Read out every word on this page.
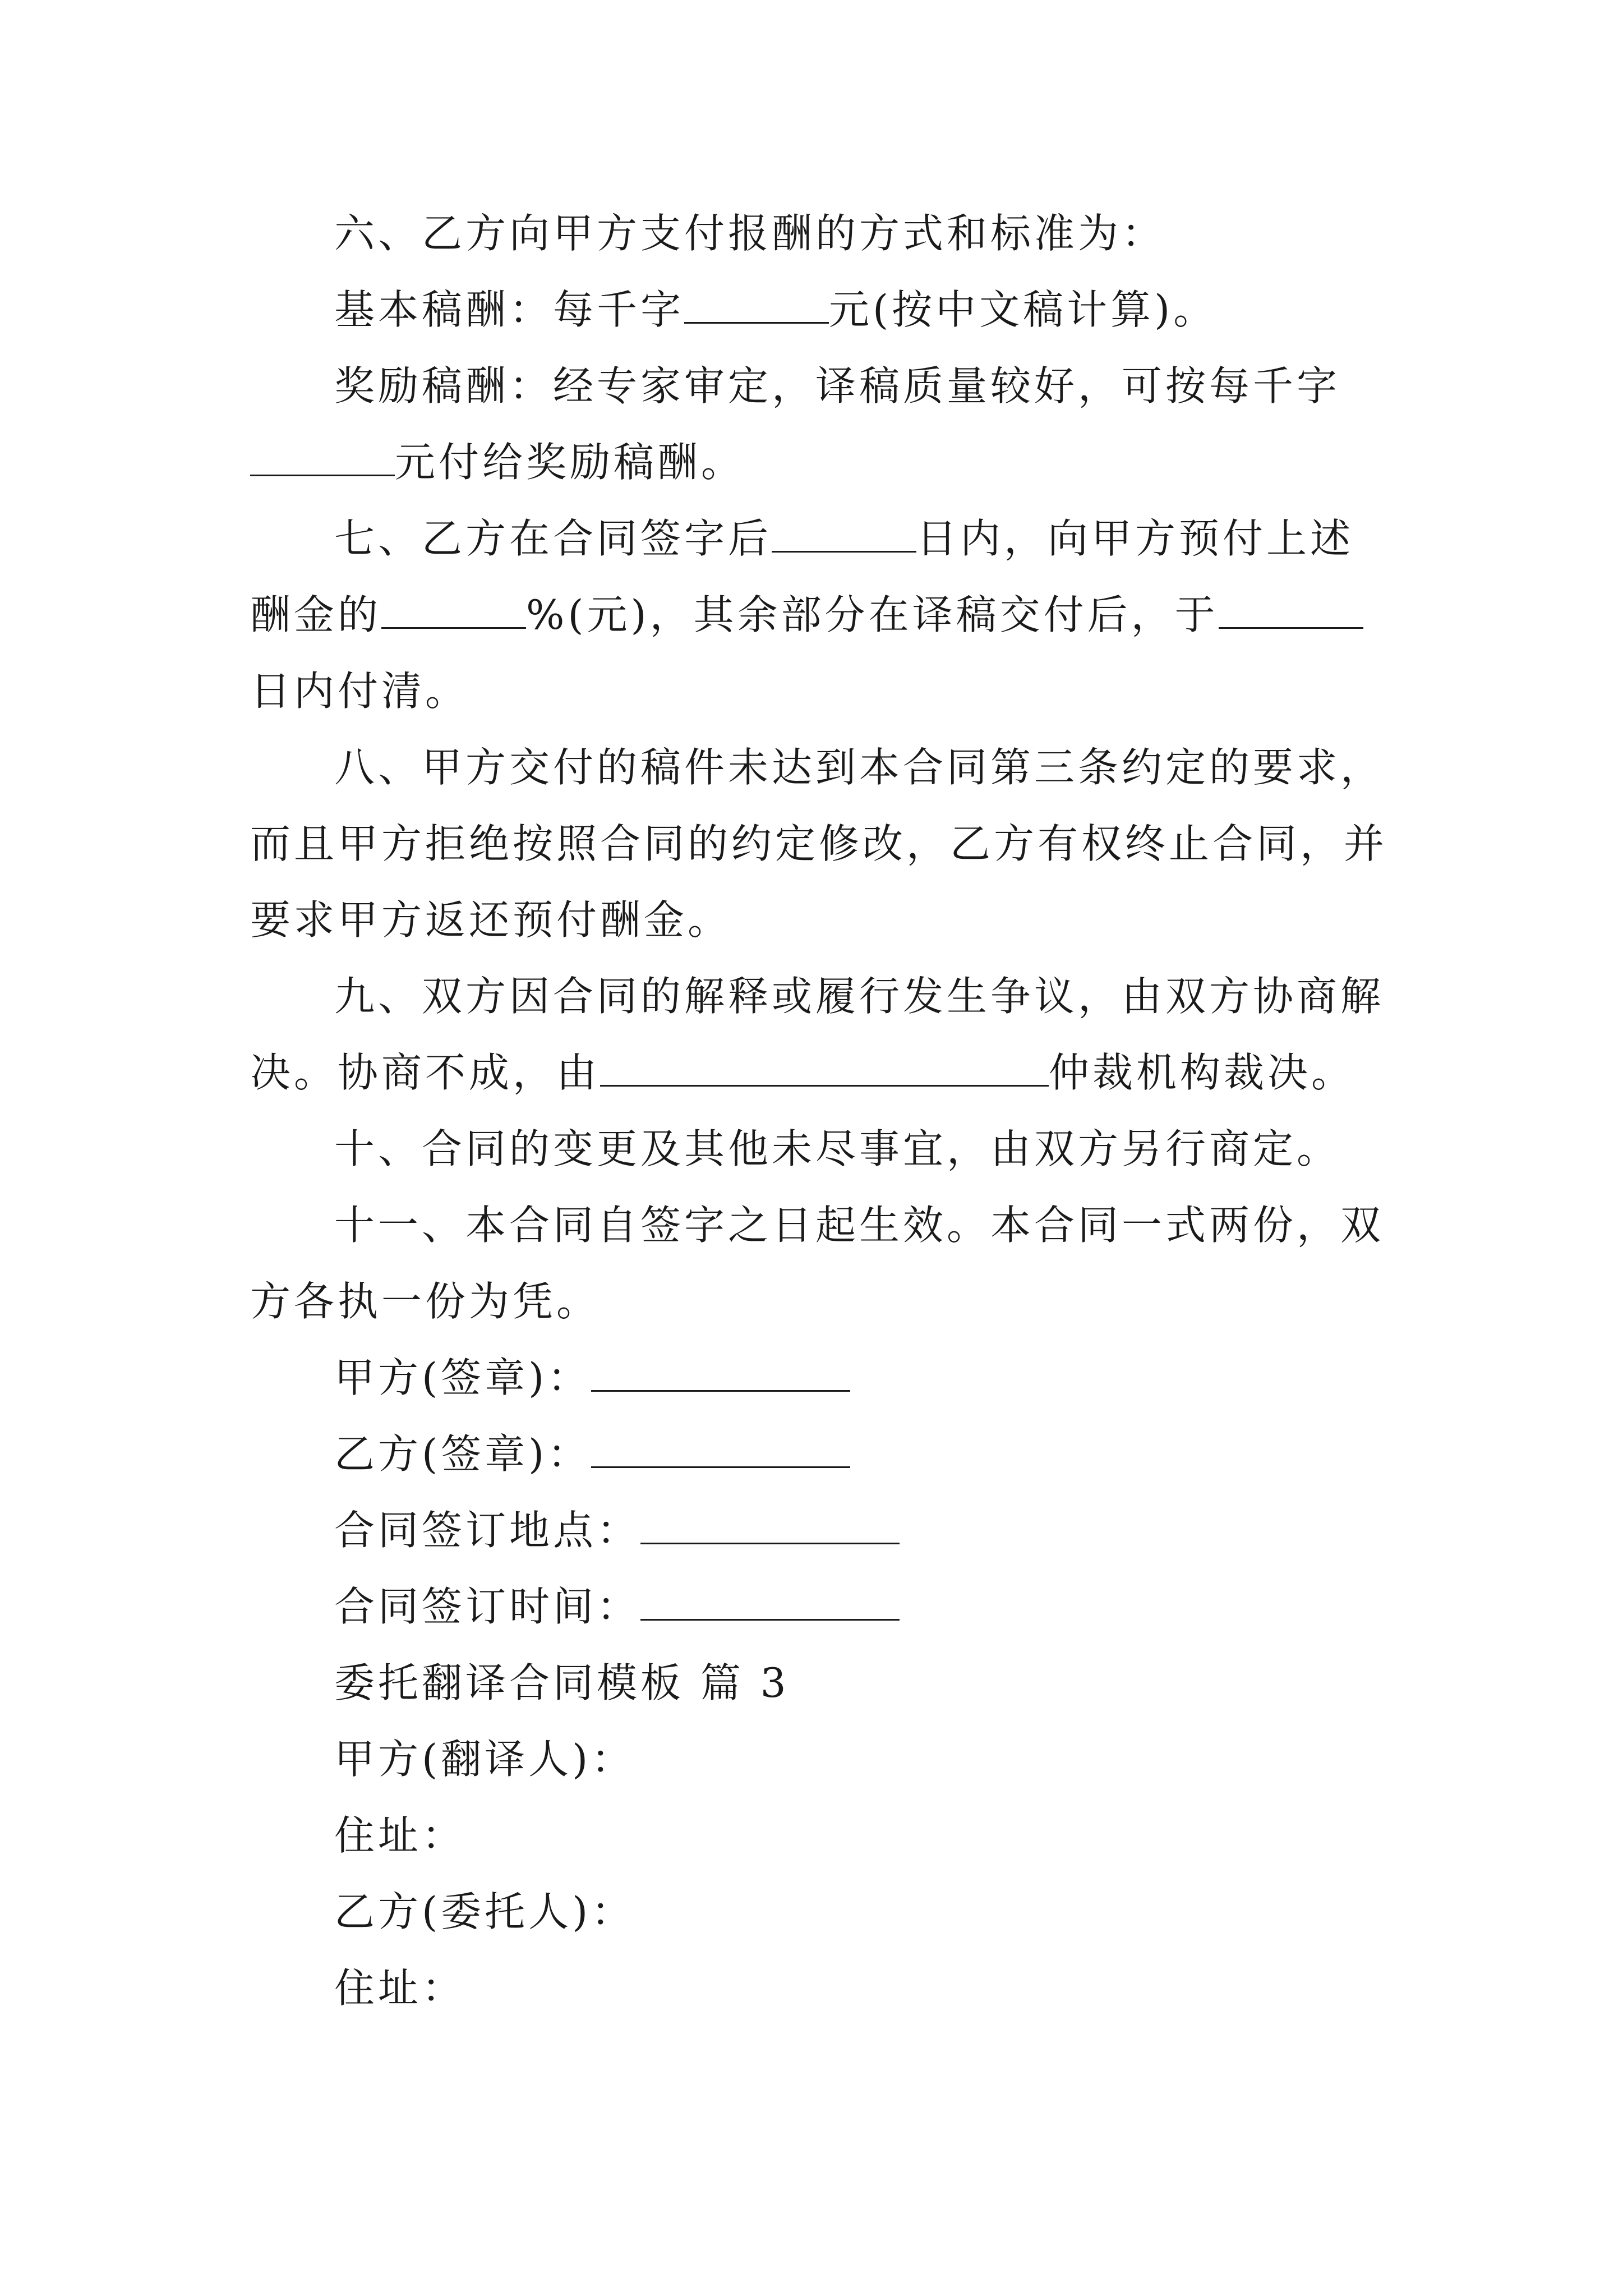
六、乙方向甲方支付报酬的方式和标准为：
基本稿酬：每千字	元(按中文稿计算)。
奖励稿酬：经专家审定，译稿质量较好，可按每千字
元付给奖励稿酬。
七、乙方在合同签字后	日内，向甲方预付上述
酬金的	%(元)，其余部分在译稿交付后，于
日内付清。
八、甲方交付的稿件未达到本合同第三条约定的要求，
而且甲方拒绝按照合同的约定修改，乙方有权终止合同，并
要求甲方返还预付酬金。
九、双方因合同的解释或履行发生争议，由双方协商解
决。协商不成，由	仲裁机构裁决。
十、合同的变更及其他未尽事宜，由双方另行商定。
十一、本合同自签字之日起生效。本合同一式两份，双
方各执一份为凭。
甲方(签章)：
乙方(签章)：
合同签订地点：
合同签订时间：
委托翻译合同模板 篇 3
甲方(翻译人)：
住址：
乙方(委托人)：
住址：
